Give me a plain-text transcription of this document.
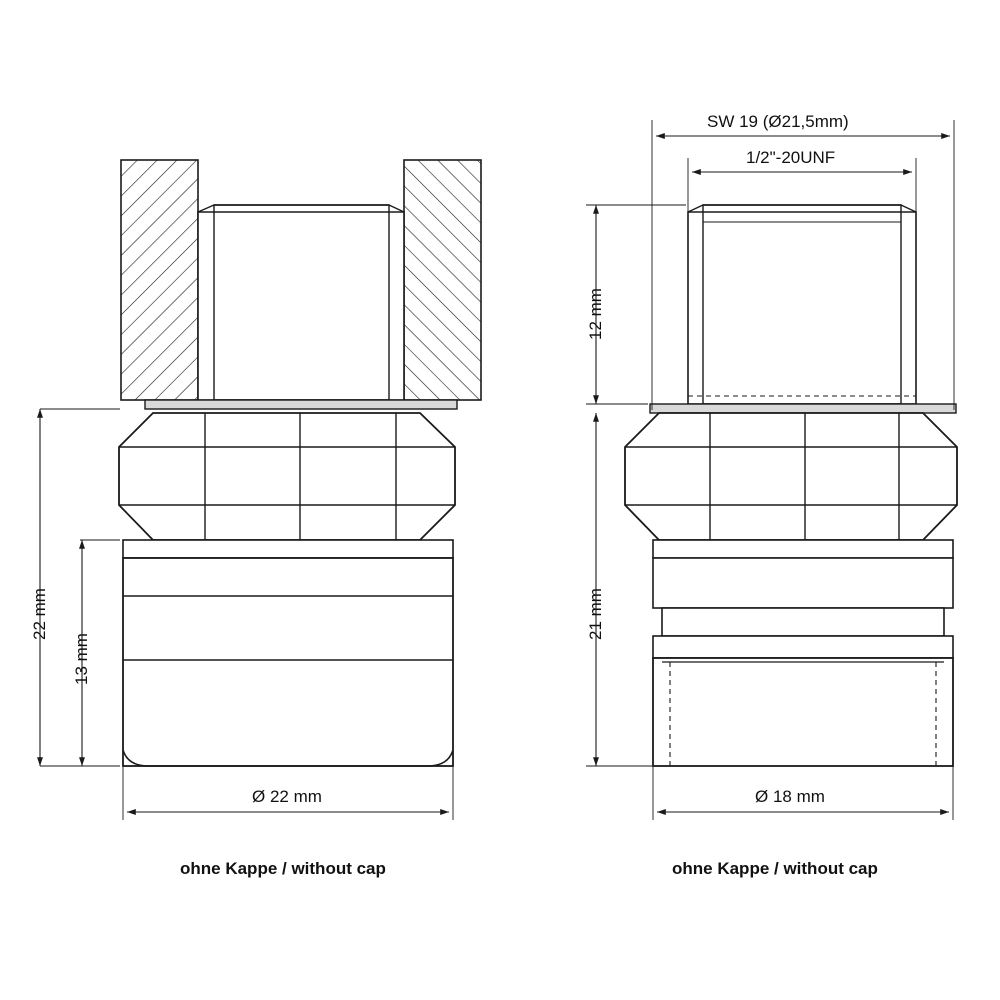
22 mm
13 mm
Ø 22 mm
ohne Kappe / without cap
SW 19 (Ø21,5mm)
1/2"-20UNF
12 mm
21 mm
Ø 18 mm
ohne Kappe / without cap
